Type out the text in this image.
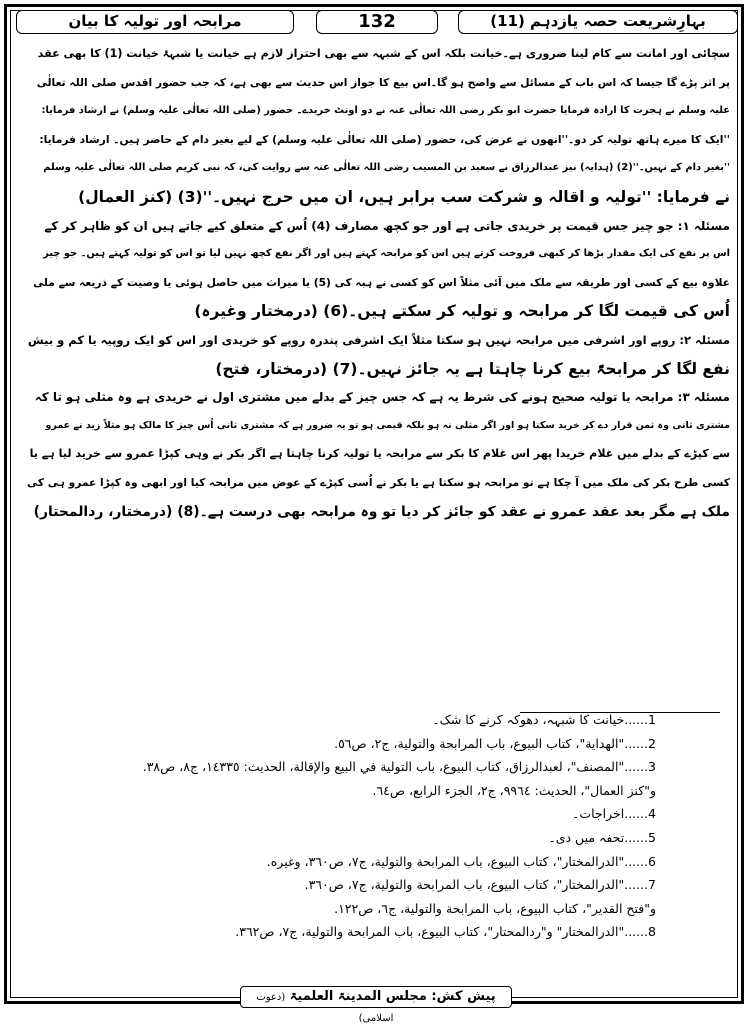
مرابحہ اور تولیہ کا بیان	132	بہارِشریعت حصہ یازدہم (11)
سچائی اور امانت سے کام لینا ضروری ہے۔خیانت بلکہ اس کے شبہہ سے بھی احتراز لازم ہے خیانت یا شبہۂ خیانت (1) کا بھی عقد
پر اثر پڑے گا جیسا کہ اس باب کے مسائل سے واضح ہو گا۔اس بیع کا جواز اس حدیث سے بھی ہے، کہ جب حضور اقدس صلی اللہ تعالٰی
علیہ وسلم نے ہجرت کا ارادہ فرمایا حضرت ابو بکر رضی اللہ تعالٰی عنہ نے دو اونٹ خریدے۔ حضور (صلی اللہ تعالٰی علیہ وسلم) نے ارشاد فرمایا:
''ایک کا میرے ہاتھ تولیہ کر دو۔''انھوں نے عرض کی، حضور (صلی اللہ تعالٰی علیہ وسلم) کے لیے بغیر دام کے حاضر ہیں۔ ارشاد فرمایا:
''بغیر دام کے نہیں۔''(2) (ہدایہ) نیز عبدالرزاق نے سعید بن المسیب رضی اللہ تعالٰی عنہ سے روایت کی، کہ نبی کریم صلی اللہ تعالٰی علیہ وسلم
نے فرمایا: ''تولیہ و اقالہ و شرکت سب برابر ہیں، ان میں حرج نہیں۔''(3) (کنز العمال)
مسئلہ ۱: جو چیز جس قیمت پر خریدی جاتی ہے اور جو کچھ مصارف (4) اُس کے متعلق کیے جاتے ہیں ان کو ظاہر کر کے
اس پر نفع کی ایک مقدار بڑھا کر کبھی فروخت کرتے ہیں اس کو مرابحہ کہتے ہیں اور اگر نفع کچھ نہیں لیا تو اس کو تولیہ کہتے ہیں۔ جو چیز
علاوہ بیع کے کسی اور طریقہ سے ملک میں آئی مثلاً اس کو کسی نے ہبہ کی (5) یا میراث میں حاصل ہوئی یا وصیت کے ذریعہ سے ملی
اُس کی قیمت لگا کر مرابحہ و تولیہ کر سکتے ہیں۔(6) (درمختار وغیرہ)
مسئلہ ۲: روپے اور اشرفی میں مرابحہ نہیں ہو سکتا مثلاً ایک اشرفی پندرہ روپے کو خریدی اور اس کو ایک روپیہ یا کم و بیش
نفع لگا کر مرابحۃً بیع کرنا چاہتا ہے یہ جائز نہیں۔(7) (درمختار، فتح)
مسئلہ ۳: مرابحہ یا تولیہ صحیح ہونے کی شرط یہ ہے کہ جس چیز کے بدلے میں مشتری اول نے خریدی ہے وہ مثلی ہو تا کہ
مشتری ثانی وہ ثمن قرار دے کر خرید سکتا ہو اور اگر مثلی نہ ہو بلکہ قیمی ہو تو یہ ضرور ہے کہ مشتری ثانی اُس چیز کا مالک ہو مثلاً زید نے عمرو
سے کپڑے کے بدلے میں غلام خریدا پھر اس غلام کا بکر سے مرابحہ یا تولیہ کرنا چاہتا ہے اگر بکر نے وہی کپڑا عمرو سے خرید لیا ہے یا
کسی طرح بکر کی ملک میں آ چکا ہے تو مرابحہ ہو سکتا ہے یا بکر نے اُسی کپڑے کے عوض میں مرابحہ کیا اور ابھی وہ کپڑا عمرو ہی کی
ملک ہے مگر بعد عقد عمرو نے عقد کو جائز کر دیا تو وہ مرابحہ بھی درست ہے۔(8) (درمختار، ردالمحتار)
1......خیانت کا شبہہ، دھوکہ کرنے کا شک۔
2......"الهداية"، كتاب البيوع، باب المرابحة والتولية، ج٢، ص٥٦.
3......"المصنف"، لعبدالرزاق، كتاب البيوع، باب التولية في البيع والإقالة، الحديث: ١٤٣٣٥، ج٨، ص٣٨.
و"كنز العمال"، الحديث: ٩٩٦٤، ج٢، الجزء الرابع، ص٦٤.
4......اخراجات۔
5......تحفہ میں دی۔
6......"الدرالمختار"، كتاب البيوع، باب المرابحة والتولية، ج٧، ص٣٦٠، وغيره.
7......"الدرالمختار"، كتاب البيوع، باب المرابحة والتولية، ج٧، ص٣٦٠.
و"فتح القدير"، كتاب البيوع، باب المرابحة والتولية، ج٦، ص١٢٢.
8......"الدرالمختار" و"ردالمحتار"، كتاب البيوع، باب المرابحة والتولية، ج٧، ص٣٦٢.
پیش کش: مجلس المدینۃ العلمیۃ (دعوت اسلامی)
